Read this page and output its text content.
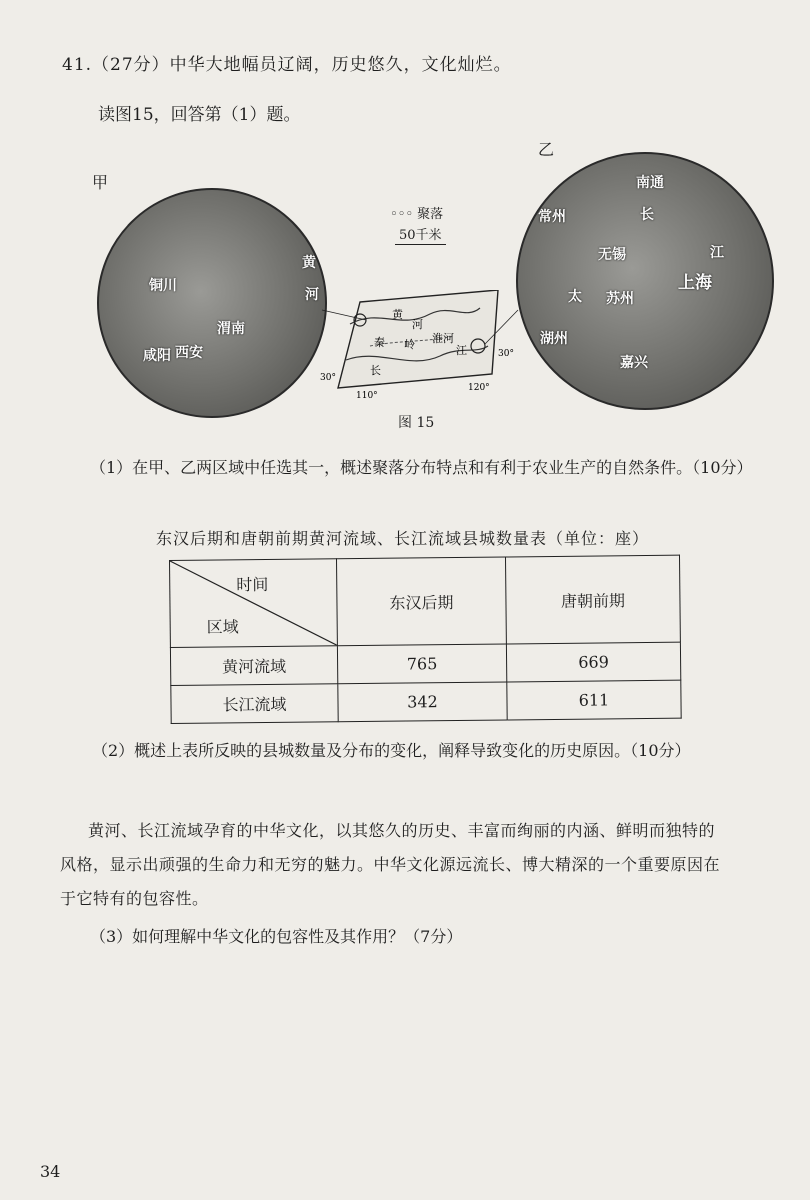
41.（27分）中华大地幅员辽阔，历史悠久，文化灿烂。
读图15，回答第（1）题。
甲
乙
铜川
渭南
咸阳 西安
黄
河
南通
常州	长
无锡	江
苏州
太
上海
湖州
嘉兴
◦◦◦ 聚落
50千米
黄
河
秦 岭 淮河
长
江
30°
30°
110°
120°
图 15
（1）在甲、乙两区域中任选其一，概述聚落分布特点和有利于农业生产的自然条件。（10分）
东汉后期和唐朝前期黄河流域、长江流域县城数量表（单位：座）
时间
区域	东汉后期	唐朝前期
黄河流域	765	669
长江流域	342	611
（2）概述上表所反映的县城数量及分布的变化，阐释导致变化的历史原因。（10分）
黄河、长江流域孕育的中华文化，以其悠久的历史、丰富而绚丽的内涵、鲜明而独特的
风格，显示出顽强的生命力和无穷的魅力。中华文化源远流长、博大精深的一个重要原因在
于它特有的包容性。
（3）如何理解中华文化的包容性及其作用？（7分）
34
